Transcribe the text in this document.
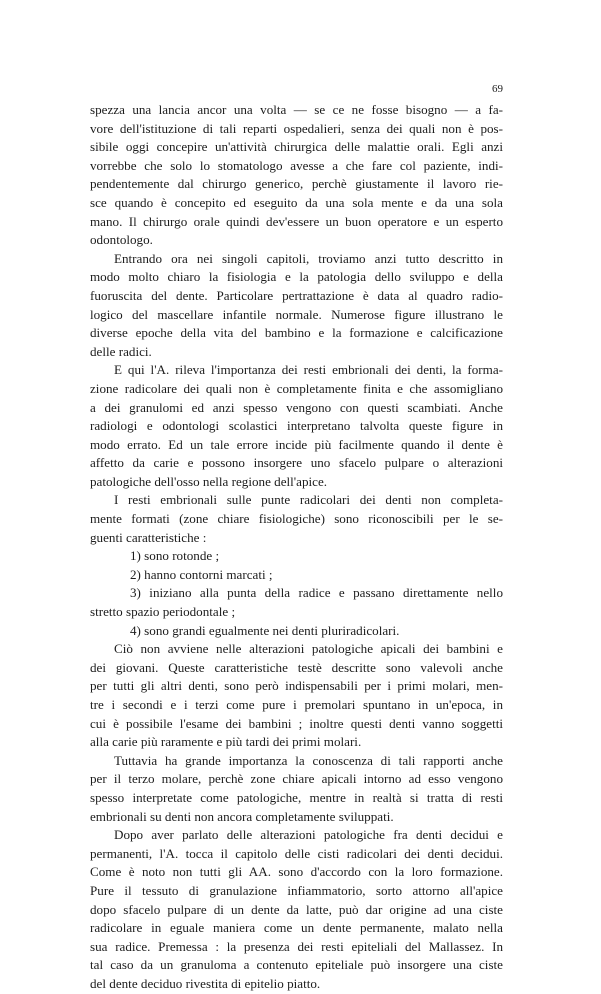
69
spezza una lancia ancor una volta — se ce ne fosse bisogno — a fa-
vore dell'istituzione di tali reparti ospedalieri, senza dei quali non è pos-
sibile oggi concepire un'attività chirurgica delle malattie orali. Egli anzi
vorrebbe che solo lo stomatologo avesse a che fare col paziente, indi-
pendentemente dal chirurgo generico, perchè giustamente il lavoro rie-
sce quando è concepito ed eseguito da una sola mente e da una sola
mano. Il chirurgo orale quindi dev'essere un buon operatore e un esperto
odontologo.
Entrando ora nei singoli capitoli, troviamo anzi tutto descritto in
modo molto chiaro la fisiologia e la patologia dello sviluppo e della
fuoruscita del dente. Particolare pertrattazione è data al quadro radio-
logico del mascellare infantile normale. Numerose figure illustrano le
diverse epoche della vita del bambino e la formazione e calcificazione
delle radici.
E qui l'A. rileva l'importanza dei resti embrionali dei denti, la forma-
zione radicolare dei quali non è completamente finita e che assomigliano
a dei granulomi ed anzi spesso vengono con questi scambiati. Anche
radiologi e odontologi scolastici interpretano talvolta queste figure in
modo errato. Ed un tale errore incide più facilmente quando il dente è
affetto da carie e possono insorgere uno sfacelo pulpare o alterazioni
patologiche dell'osso nella regione dell'apice.
I resti embrionali sulle punte radicolari dei denti non completa-
mente formati (zone chiare fisiologiche) sono riconoscibili per le se-
guenti caratteristiche :
1) sono rotonde ;
2) hanno contorni marcati ;
3) iniziano alla punta della radice e passano direttamente nello
stretto spazio periodontale ;
4) sono grandi egualmente nei denti pluriradicolari.
Ciò non avviene nelle alterazioni patologiche apicali dei bambini e
dei giovani. Queste caratteristiche testè descritte sono valevoli anche
per tutti gli altri denti, sono però indispensabili per i primi molari, men-
tre i secondi e i terzi come pure i premolari spuntano in un'epoca, in
cui è possibile l'esame dei bambini ; inoltre questi denti vanno soggetti
alla carie più raramente e più tardi dei primi molari.
Tuttavia ha grande importanza la conoscenza di tali rapporti anche
per il terzo molare, perchè zone chiare apicali intorno ad esso vengono
spesso interpretate come patologiche, mentre in realtà si tratta di resti
embrionali su denti non ancora completamente sviluppati.
Dopo aver parlato delle alterazioni patologiche fra denti decidui e
permanenti, l'A. tocca il capitolo delle cisti radicolari dei denti decidui.
Come è noto non tutti gli AA. sono d'accordo con la loro formazione.
Pure il tessuto di granulazione infiammatorio, sorto attorno all'apice
dopo sfacelo pulpare di un dente da latte, può dar origine ad una ciste
radicolare in eguale maniera come un dente permanente, malato nella
sua radice. Premessa : la presenza dei resti epiteliali del Mallassez. In
tal caso da un granuloma a contenuto epiteliale può insorgere una ciste
del dente deciduo rivestita di epitelio piatto.
